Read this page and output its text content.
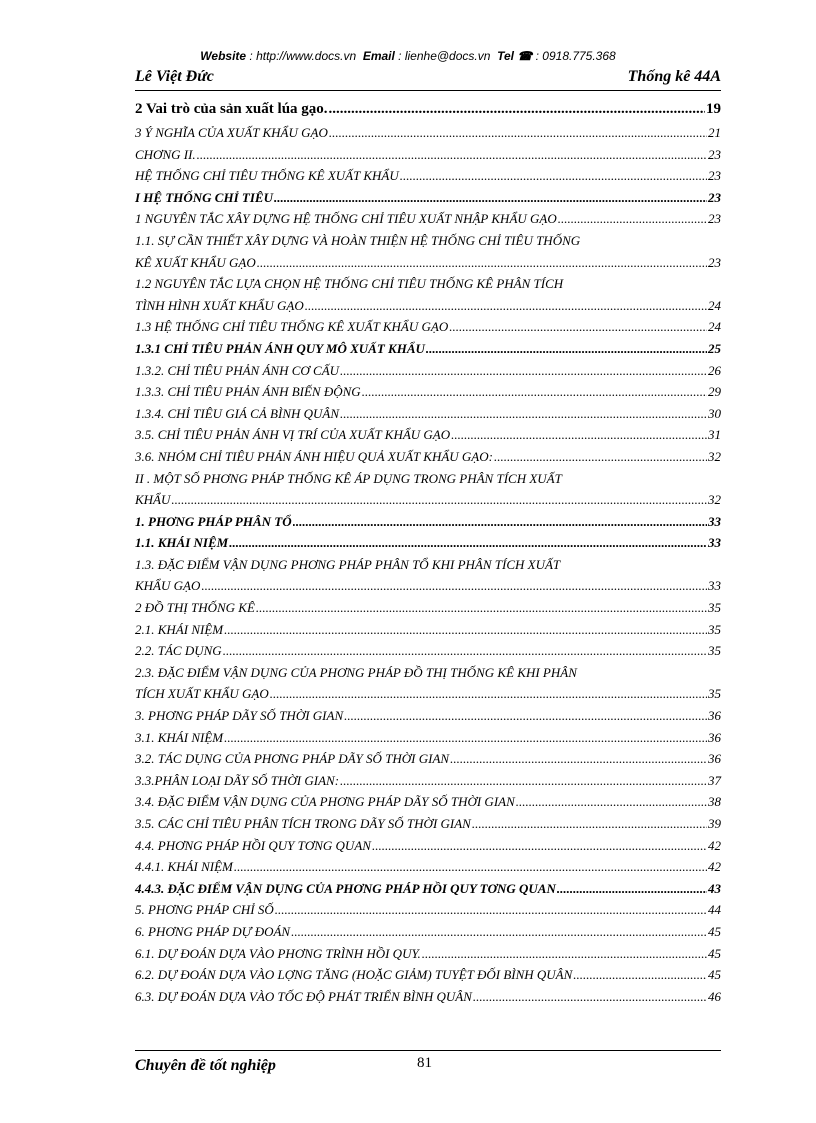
Website : http://www.docs.vn Email : lienhe@docs.vn Tel ☎ : 0918.775.368
Lê Việt Đức	Thống kê 44A
2 Vai trò của sản xuất lúa gạo. .....	19
3 Ý NGHĨA CỦA XUẤT KHẨU GẠO .....	21
CHƠNG II. .....	23
HỆ THỐNG CHỈ TIÊU THỐNG KÊ XUẤT KHẨU .....	23
I HỆ THỐNG CHỈ TIÊU .....	23
1 NGUYÊN TẮC XÂY DỰNG HỆ THỐNG CHỈ TIÊU XUẤT NHẬP KHẨU GẠO .....	23
1.1. SỰ CẦN THIẾT XÂY DỰNG VÀ HOÀN THIỆN HỆ THỐNG CHỈ TIÊU THỐNG
KÊ XUẤT KHẨU GẠO .....	23
1.2 NGUYÊN TẮC LỰA CHỌN HỆ THỐNG CHỈ TIÊU THỐNG KÊ PHÂN TÍCH
TÌNH HÌNH XUẤT KHẨU GẠO .....	24
1.3 HỆ THỐNG CHỈ TIÊU THỐNG KÊ XUẤT KHẨU GẠO .....	24
1.3.1 CHỈ TIÊU PHẢN ÁNH QUY MÔ XUẤT KHẨU .....	25
1.3.2. CHỈ TIÊU PHẢN ÁNH CƠ CẤU .....	26
1.3.3. CHỈ TIÊU PHẢN ÁNH BIẾN ĐỘNG .....	29
1.3.4. CHỈ TIÊU GIÁ CẢ BÌNH QUÂN .....	30
3.5. CHỈ TIÊU PHẢN ÁNH VỊ TRÍ CỦA XUẤT KHẨU GẠO .....	31
3.6. NHÓM CHỈ TIÊU PHẢN ÁNH HIỆU QUẢ XUẤT KHẨU GẠO: .....	32
II . MỘT SỐ PHƠNG PHÁP THỐNG KÊ ÁP DỤNG TRONG PHÂN TÍCH XUẤT
KHẨU .....	32
1. PHƠNG PHÁP PHÂN TỔ .....	33
1.1. KHÁI NIỆM .....	33
1.3. ĐẶC ĐIỂM VẬN DỤNG PHƠNG PHÁP PHÂN TỔ KHI PHÂN TÍCH XUẤT
KHẨU GẠO .....	33
2 ĐỒ THỊ THỐNG KÊ .....	35
2.1. KHÁI NIỆM .....	35
2.2. TÁC DỤNG .....	35
2.3. ĐẶC ĐIỂM VẬN DỤNG CỦA PHƠNG PHÁP ĐỒ THỊ THỐNG KÊ KHI PHÂN
TÍCH XUẤT KHẨU GẠO .....	35
3. PHƠNG PHÁP DÃY SỐ THỜI GIAN .....	36
3.1. KHÁI NIỆM .....	36
3.2. TÁC DỤNG CỦA PHƠNG PHÁP DÃY SỐ THỜI GIAN .....	36
3.3.PHÂN LOẠI DÃY SỐ THỜI GIAN: .....	37
3.4. ĐẶC ĐIỂM VẬN DỤNG CỦA PHƠNG PHÁP DÃY SỐ THỜI GIAN .....	38
3.5. CÁC CHỈ TIÊU PHÂN TÍCH TRONG DÃY SỐ THỜI GIAN .....	39
4.4. PHƠNG PHÁP HỒI QUY TƠNG QUAN .....	42
4.4.1. KHÁI NIỆM .....	42
4.4.3. ĐẶC ĐIỂM VẬN DỤNG CỦA PHƠNG PHÁP HỒI QUY TƠNG QUAN .....	43
5. PHƠNG PHÁP CHỈ SỐ .....	44
6. PHƠNG PHÁP DỰ ĐOÁN .....	45
6.1. DỰ ĐOÁN DỰA VÀO PHƠNG TRÌNH HỒI QUY. .....	45
6.2. DỰ ĐOÁN DỰA VÀO LỢNG TĂNG (HOẶC GIẢM) TUYỆT ĐỐI BÌNH QUÂN .....	45
6.3. DỰ ĐOÁN DỰA VÀO TỐC ĐỘ PHÁT TRIỂN BÌNH QUÂN .....	46
Chuyên đề tốt nghiệp	81
